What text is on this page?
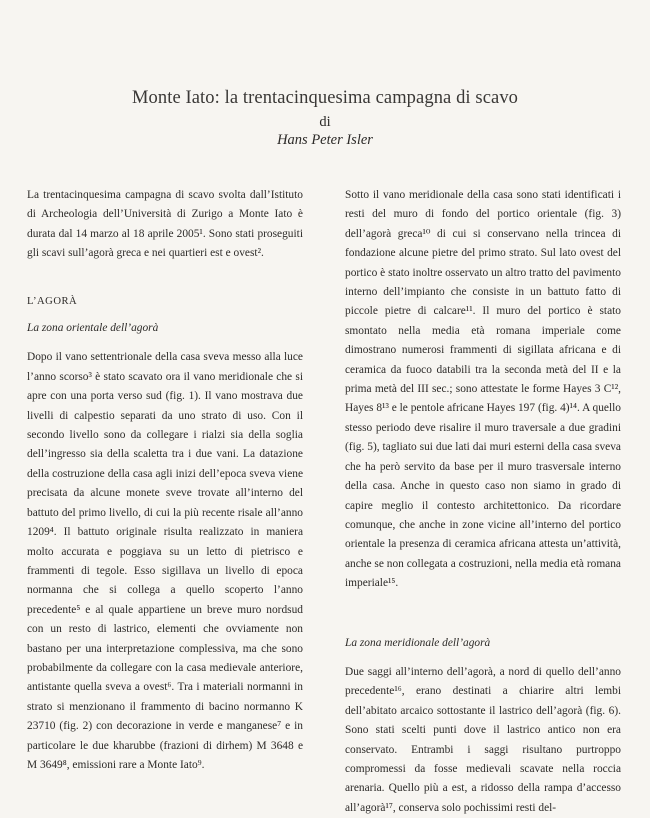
Monte Iato: la trentacinquesima campagna di scavo
di
Hans Peter Isler

La trentacinquesima campagna di scavo svolta dall’Istituto di Archeologia dell’Università di Zurigo a Monte Iato è durata dal 14 marzo al 18 aprile 2005¹. Sono stati proseguiti gli scavi sull’agorà greca e nei quartieri est e ovest².

L’AGORÀ

La zona orientale dell’agorà

Dopo il vano settentrionale della casa sveva messo alla luce l’anno scorso³ è stato scavato ora il vano meridionale che si apre con una porta verso sud (fig. 1). Il vano mostrava due livelli di calpestio separati da uno strato di uso. Con il secondo livello sono da collegare i rialzi sia della soglia dell’ingresso sia della scaletta tra i due vani. La datazione della costruzione della casa agli inizi dell’epoca sveva viene precisata da alcune monete sveve trovate all’interno del battuto del primo livello, di cui la più recente risale all’anno 1209⁴. Il battuto originale risulta realizzato in maniera molto accurata e poggiava su un letto di pietrisco e frammenti di tegole. Esso sigillava un livello di epoca normanna che si collega a quello scoperto l’anno precedente⁵ e al quale appartiene un breve muro nordsud con un resto di lastrico, elementi che ovviamente non bastano per una interpretazione complessiva, ma che sono probabilmente da collegare con la casa medievale anteriore, antistante quella sveva a ovest⁶. Tra i materiali normanni in strato si menzionano il frammento di bacino normanno K 23710 (fig. 2) con decorazione in verde e manganese⁷ e in particolare le due kharubbe (frazioni di dirhem) M 3648 e M 3649⁸, emissioni rare a Monte Iato⁹.

Sotto il vano meridionale della casa sono stati identificati i resti del muro di fondo del portico orientale (fig. 3) dell’agorà greca¹⁰ di cui si conservano nella trincea di fondazione alcune pietre del primo strato. Sul lato ovest del portico è stato inoltre osservato un altro tratto del pavimento interno dell’impianto che consiste in un battuto fatto di piccole pietre di calcare¹¹. Il muro del portico è stato smontato nella media età romana imperiale come dimostrano numerosi frammenti di sigillata africana e di ceramica da fuoco databili tra la seconda metà del II e la prima metà del III sec.; sono attestate le forme Hayes 3 C¹², Hayes 8¹³ e le pentole africane Hayes 197 (fig. 4)¹⁴. A quello stesso periodo deve risalire il muro traversale a due gradini (fig. 5), tagliato sui due lati dai muri esterni della casa sveva che ha però servito da base per il muro trasversale interno della casa. Anche in questo caso non siamo in grado di capire meglio il contesto architettonico. Da ricordare comunque, che anche in zone vicine all’interno del portico orientale la presenza di ceramica africana attesta un’attività, anche se non collegata a costruzioni, nella media età romana imperiale¹⁵.

La zona meridionale dell’agorà

Due saggi all’interno dell’agorà, a nord di quello dell’anno precedente¹⁶, erano destinati a chiarire altri lembi dell’abitato arcaico sottostante il lastrico dell’agorà (fig. 6). Sono stati scelti punti dove il lastrico antico non era conservato. Entrambi i saggi risultano purtroppo compromessi da fosse medievali scavate nella roccia arenaria. Quello più a est, a ridosso della rampa d’accesso all’agorà¹⁷, conserva solo pochissimi resti del-
